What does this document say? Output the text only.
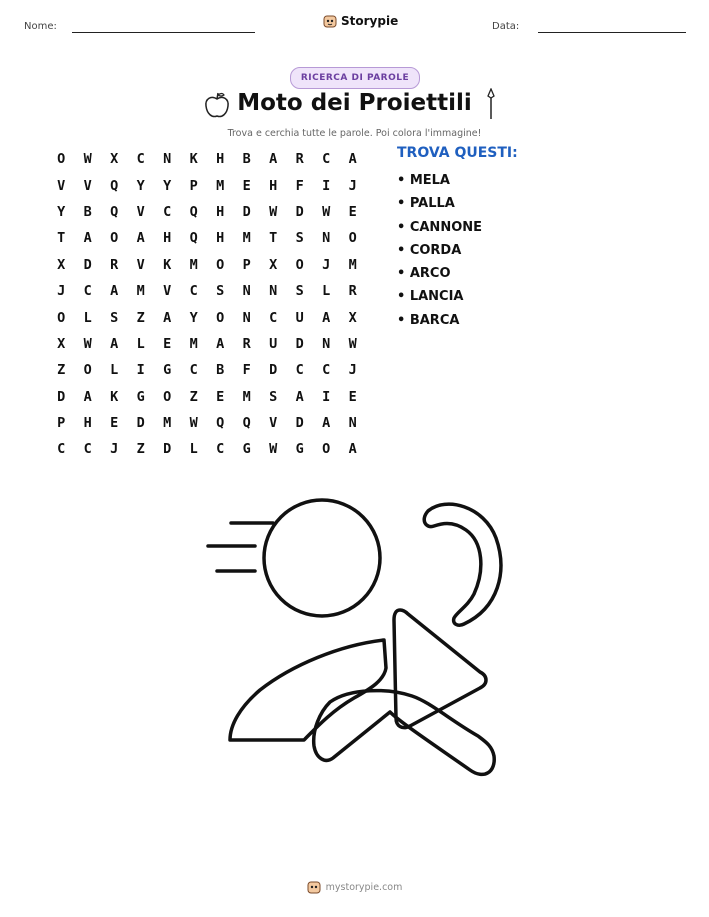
Nome:	Storypie	Data:
RICERCA DI PAROLE
Moto dei Proiettili
Trova e cerchia tutte le parole. Poi colora l'immagine!
O	W	X	C	N	K	H	B	A	R	C	A
V	V	Q	Y	Y	P	M	E	H	F	I	J
Y	B	Q	V	C	Q	H	D	W	D	W	E
T	A	O	A	H	Q	H	M	T	S	N	O
X	D	R	V	K	M	O	P	X	O	J	M
J	C	A	M	V	C	S	N	N	S	L	R
O	L	S	Z	A	Y	O	N	C	U	A	X
X	W	A	L	E	M	A	R	U	D	N	W
Z	O	L	I	G	C	B	F	D	C	C	J
D	A	K	G	O	Z	E	M	S	A	I	E
P	H	E	D	M	W	Q	Q	V	D	A	N
C	C	J	Z	D	L	C	G	W	G	O	A
TROVA QUESTI:
• MELA
• PALLA
• CANNONE
• CORDA
• ARCO
• LANCIA
• BARCA
mystorypie.com
